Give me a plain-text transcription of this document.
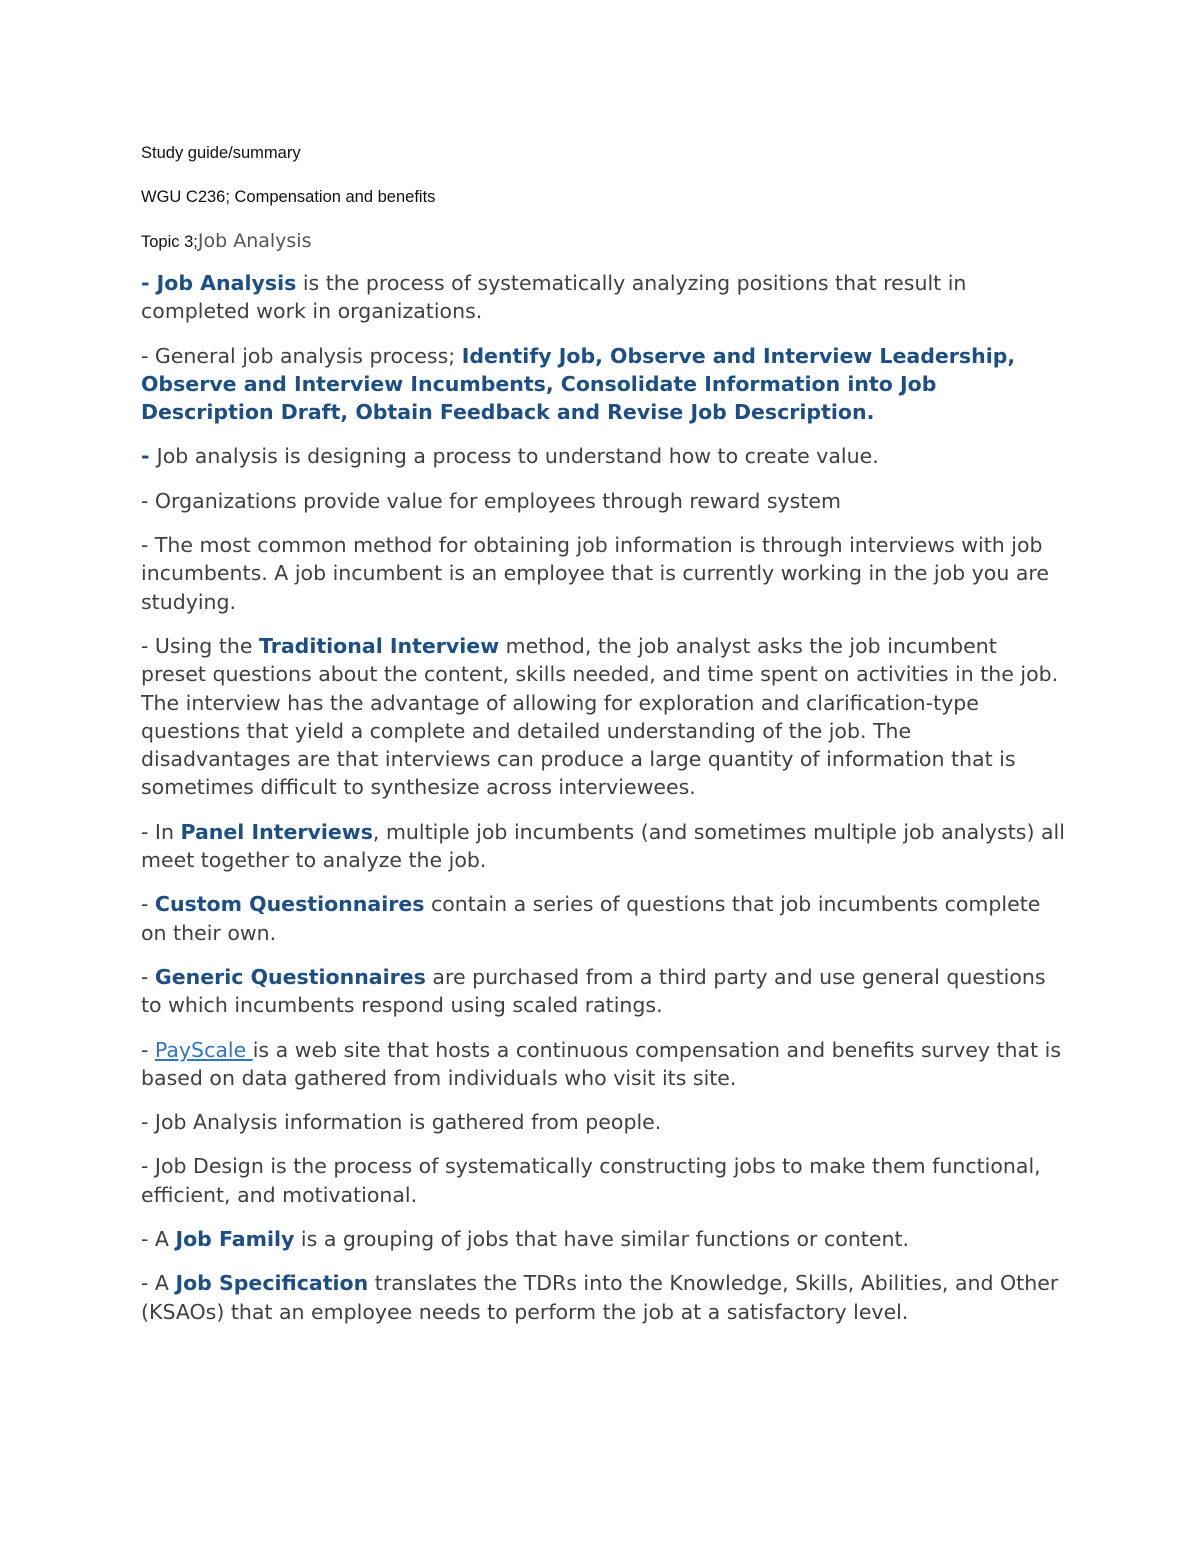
Study guide/summary
WGU C236; Compensation and benefits
Topic 3;Job Analysis

- Job Analysis is the process of systematically analyzing positions that result in completed work in organizations.

- General job analysis process; Identify Job, Observe and Interview Leadership, Observe and Interview Incumbents, Consolidate Information into Job Description Draft, Obtain Feedback and Revise Job Description.

- Job analysis is designing a process to understand how to create value.

- Organizations provide value for employees through reward system

- The most common method for obtaining job information is through interviews with job incumbents. A job incumbent is an employee that is currently working in the job you are studying.

- Using the Traditional Interview method, the job analyst asks the job incumbent preset questions about the content, skills needed, and time spent on activities in the job. The interview has the advantage of allowing for exploration and clarification-type questions that yield a complete and detailed understanding of the job. The disadvantages are that interviews can produce a large quantity of information that is sometimes difficult to synthesize across interviewees.

- In Panel Interviews, multiple job incumbents (and sometimes multiple job analysts) all meet together to analyze the job.

- Custom Questionnaires contain a series of questions that job incumbents complete on their own.

- Generic Questionnaires are purchased from a third party and use general questions to which incumbents respond using scaled ratings.

- PayScale is a web site that hosts a continuous compensation and benefits survey that is based on data gathered from individuals who visit its site.

- Job Analysis information is gathered from people.

- Job Design is the process of systematically constructing jobs to make them functional, efficient, and motivational.

- A Job Family is a grouping of jobs that have similar functions or content.

- A Job Specification translates the TDRs into the Knowledge, Skills, Abilities, and Other (KSAOs) that an employee needs to perform the job at a satisfactory level.
